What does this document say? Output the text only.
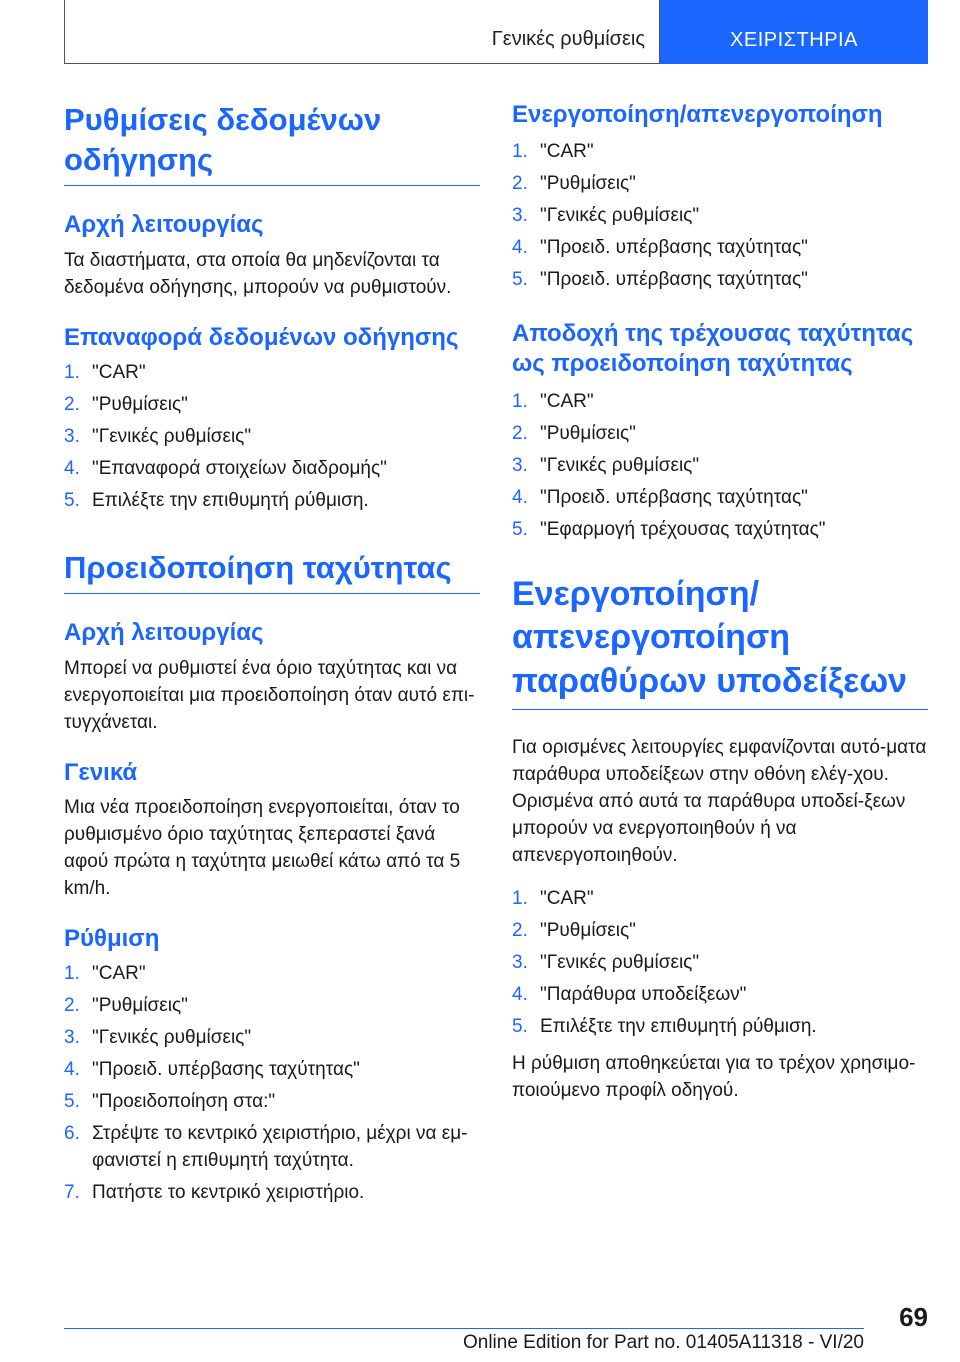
Γενικές ρυθμίσεις	ΧΕΙΡΙΣΤΗΡΙΑ
Ρυθμίσεις δεδομένων οδήγησης
Αρχή λειτουργίας

Τα διαστήματα, στα οποία θα μηδενίζονται τα δεδομένα οδήγησης, μπορούν να ρυθμιστούν.

Επαναφορά δεδομένων οδήγησης
1. "CAR"
2. "Ρυθμίσεις"
3. "Γενικές ρυθμίσεις"
4. "Επαναφορά στοιχείων διαδρομής"
5. Επιλέξτε την επιθυμητή ρύθμιση.
Προειδοποίηση ταχύτητας
Αρχή λειτουργίας

Μπορεί να ρυθμιστεί ένα όριο ταχύτητας και να ενεργοποιείται μια προειδοποίηση όταν αυτό επι-τυγχάνεται.

Γενικά

Μια νέα προειδοποίηση ενεργοποιείται, όταν το ρυθμισμένο όριο ταχύτητας ξεπεραστεί ξανά αφού πρώτα η ταχύτητα μειωθεί κάτω από τα 5 km/h.

Ρύθμιση
1. "CAR"
2. "Ρυθμίσεις"
3. "Γενικές ρυθμίσεις"
4. "Προειδ. υπέρβασης ταχύτητας"
5. "Προειδοποίηση στα:"
6. Στρέψτε το κεντρικό χειριστήριο, μέχρι να εμ-φανιστεί η επιθυμητή ταχύτητα.
7. Πατήστε το κεντρικό χειριστήριο.
Ενεργοποίηση/απενεργοποίηση
1. "CAR"
2. "Ρυθμίσεις"
3. "Γενικές ρυθμίσεις"
4. "Προειδ. υπέρβασης ταχύτητας"
5. "Προειδ. υπέρβασης ταχύτητας"
Αποδοχή της τρέχουσας ταχύτητας ως προειδοποίηση ταχύτητας
1. "CAR"
2. "Ρυθμίσεις"
3. "Γενικές ρυθμίσεις"
4. "Προειδ. υπέρβασης ταχύτητας"
5. "Εφαρμογή τρέχουσας ταχύτητας"
Ενεργοποίηση/ απενεργοποίηση παραθύρων υποδείξεων

Για ορισμένες λειτουργίες εμφανίζονται αυτό-ματα παράθυρα υποδείξεων στην οθόνη ελέγ-χου. Ορισμένα από αυτά τα παράθυρα υποδεί-ξεων μπορούν να ενεργοποιηθούν ή να απενεργοποιηθούν.

1. "CAR"
2. "Ρυθμίσεις"
3. "Γενικές ρυθμίσεις"
4. "Παράθυρα υποδείξεων"
5. Επιλέξτε την επιθυμητή ρύθμιση.

Η ρύθμιση αποθηκεύεται για το τρέχον χρησιμο-ποιούμενο προφίλ οδηγού.

69
Online Edition for Part no. 01405A11318 - VI/20
